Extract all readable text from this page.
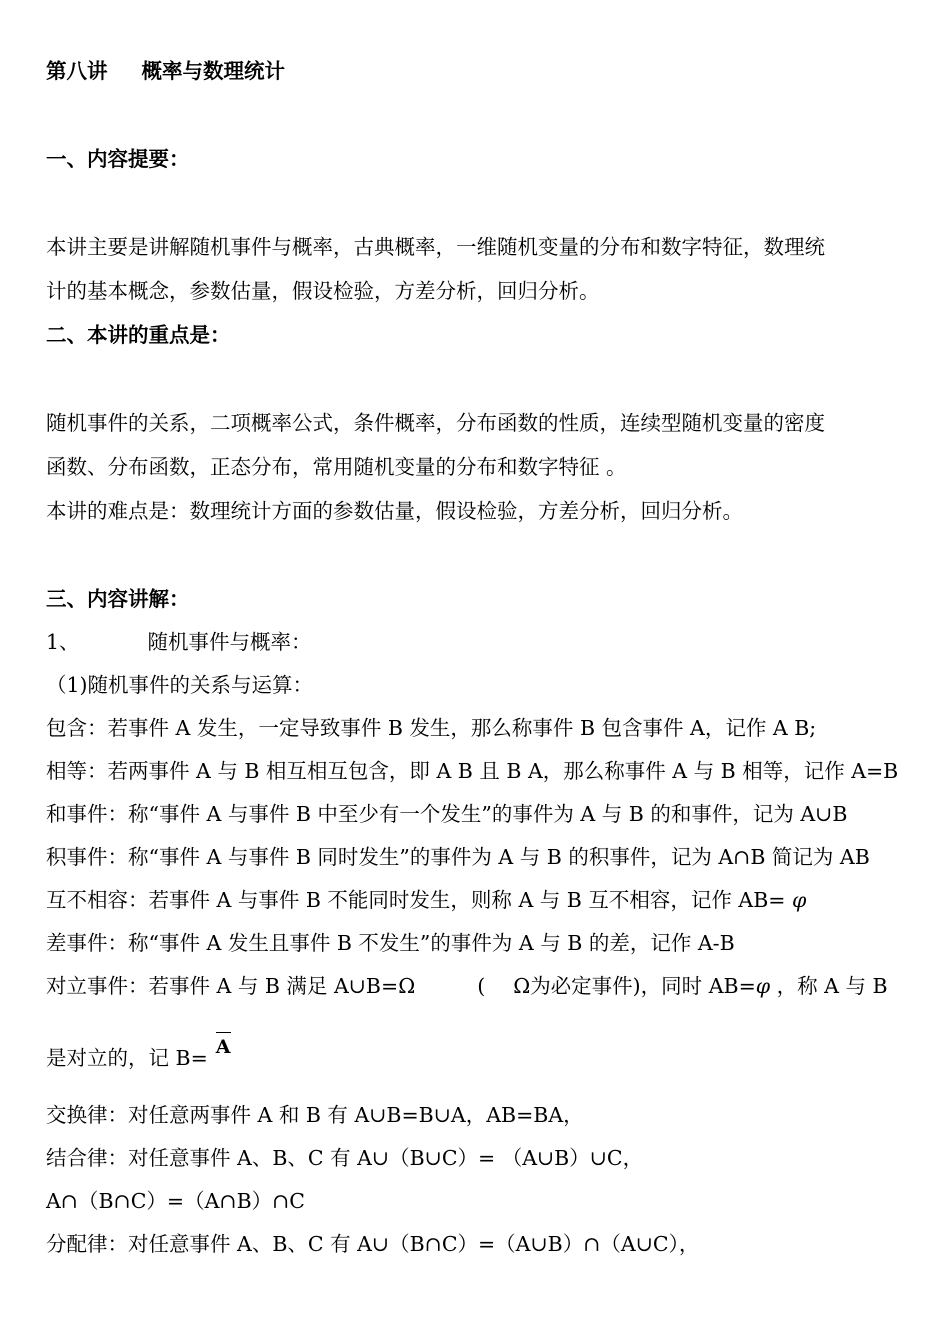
第八讲 概率与数理统计
一、内容提要：
本讲主要是讲解随机事件与概率，古典概率，一维随机变量的分布和数字特征，数理统
计的基本概念，参数估量，假设检验，方差分析，回归分析。
二、本讲的重点是：
随机事件的关系，二项概率公式，条件概率，分布函数的性质，连续型随机变量的密度
函数、分布函数，正态分布，常用随机变量的分布和数字特征 。
本讲的难点是：数理统计方面的参数估量，假设检验，方差分析，回归分析。
三、内容讲解：
1、	随机事件与概率：
（1)随机事件的关系与运算：
包含：若事件 A 发生，一定导致事件 B 发生，那么称事件 B 包含事件 A，记作 A B;
相等：若两事件 A 与 B 相互相互包含，即 A B 且 B A，那么称事件 A 与 B 相等，记作 A=B
和事件：称“事件 A 与事件 B 中至少有一个发生”的事件为 A 与 B 的和事件，记为 A∪B
积事件：称“事件 A 与事件 B 同时发生”的事件为 A 与 B 的积事件，记为 A∩B 简记为 AB
互不相容：若事件 A 与事件 B 不能同时发生，则称 A 与 B 互不相容，记作 AB= φ
差事件：称“事件 A 发生且事件 B 不发生”的事件为 A 与 B 的差，记作 A-B
对立事件：若事件 A 与 B 满足 A∪B=Ω	( Ω为必定事件)，同时 AB=φ ，称 A 与 B
是对立的，记 B= A
交换律：对任意两事件 A 和 B 有 A∪B=B∪A，AB=BA，
结合律：对任意事件 A、B、C 有 A∪（B∪C）= （A∪B）∪C，
A∩（B∩C）=（A∩B）∩C
分配律：对任意事件 A、B、C 有 A∪（B∩C）=（A∪B）∩（A∪C），
